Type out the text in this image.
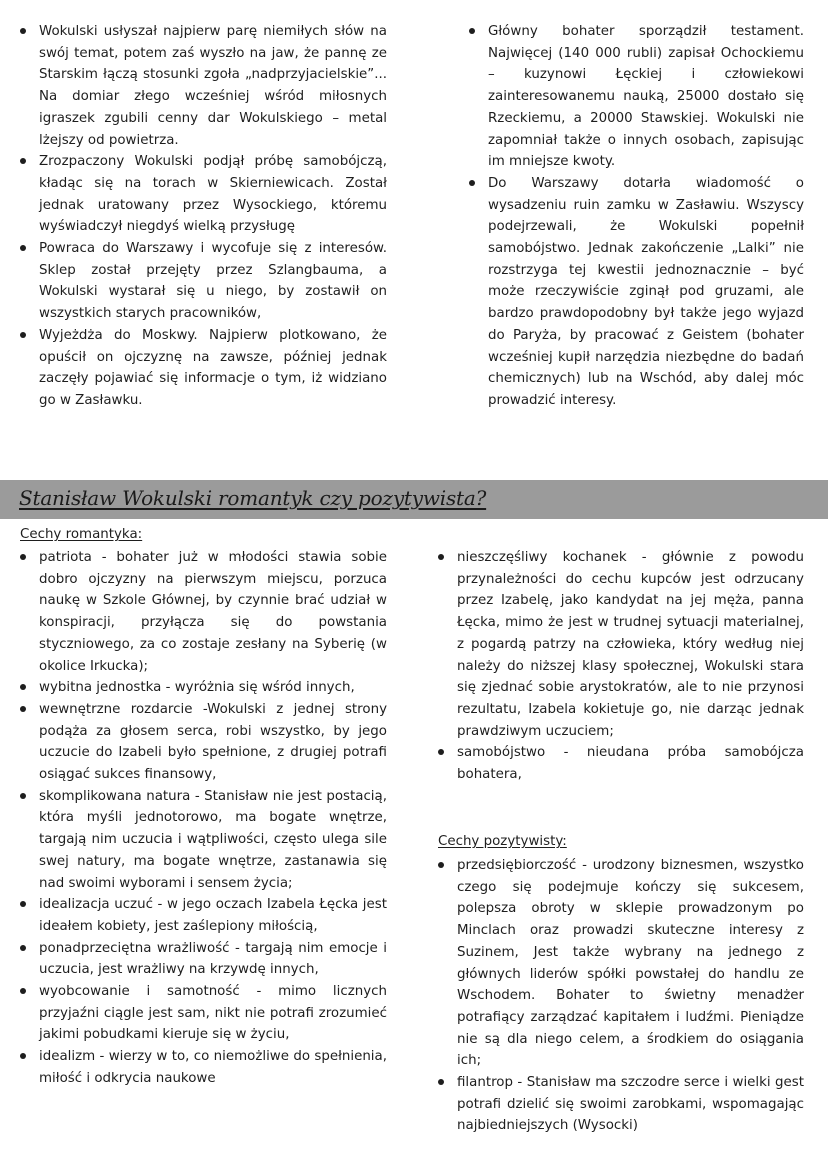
Wokulski usłyszał najpierw parę niemiłych słów na swój temat, potem zaś wyszło na jaw, że pannę ze Starskim łączą stosunki zgoła „nadprzyjacielskie”... Na domiar złego wcześniej wśród miłosnych igraszek zgubili cenny dar Wokulskiego – metal lżejszy od powietrza.
Zrozpaczony Wokulski podjął próbę samobójczą, kładąc się na torach w Skierniewicach. Został jednak uratowany przez Wysockiego, któremu wyświadczył niegdyś wielką przysługę
Powraca do Warszawy i wycofuje się z interesów. Sklep został przejęty przez Szlangbauma, a Wokulski wystarał się u niego, by zostawił on wszystkich starych pracowników,
Wyjeżdża do Moskwy. Najpierw plotkowano, że opuścił on ojczyznę na zawsze, później jednak zaczęły pojawiać się informacje o tym, iż widziano go w Zasławku.
Główny bohater sporządził testament. Najwięcej (140 000 rubli) zapisał Ochockiemu – kuzynowi Łęckiej i człowiekowi zainteresowanemu nauką, 25000 dostało się Rzeckiemu, a 20000 Stawskiej. Wokulski nie zapomniał także o innych osobach, zapisując im mniejsze kwoty.
Do Warszawy dotarła wiadomość o wysadzeniu ruin zamku w Zasławiu. Wszyscy podejrzewali, że Wokulski popełnił samobójstwo. Jednak zakończenie „Lalki” nie rozstrzyga tej kwestii jednoznacznie – być może rzeczywiście zginął pod gruzami, ale bardzo prawdopodobny był także jego wyjazd do Paryża, by pracować z Geistem (bohater wcześniej kupił narzędzia niezbędne do badań chemicznych) lub na Wschód, aby dalej móc prowadzić interesy.
Stanisław Wokulski romantyk czy pozytywista?
Cechy romantyka:
patriota - bohater już w młodości stawia sobie dobro ojczyzny na pierwszym miejscu, porzuca naukę w Szkole Głównej, by czynnie brać udział w konspiracji, przyłącza się do powstania styczniowego, za co zostaje zesłany na Syberię (w okolice Irkucka);
wybitna jednostka - wyróżnia się wśród innych,
wewnętrzne rozdarcie -Wokulski z jednej strony podąża za głosem serca, robi wszystko, by jego uczucie do Izabeli było spełnione, z drugiej potrafi osiągać sukces finansowy,
skomplikowana natura - Stanisław nie jest postacią, która myśli jednotorowo, ma bogate wnętrze, targają nim uczucia i wątpliwości, często ulega sile swej natury, ma bogate wnętrze, zastanawia się nad swoimi wyborami i sensem życia;
idealizacja uczuć - w jego oczach Izabela Łęcka jest ideałem kobiety, jest zaślepiony miłością,
ponadprzeciętna wrażliwość - targają nim emocje i uczucia, jest wrażliwy na krzywdę innych,
wyobcowanie i samotność - mimo licznych przyjaźni ciągle jest sam, nikt nie potrafi zrozumieć jakimi pobudkami kieruje się w życiu,
idealizm - wierzy w to, co niemożliwe do spełnienia, miłość i odkrycia naukowe
nieszczęśliwy kochanek - głównie z powodu przynależności do cechu kupców jest odrzucany przez Izabelę, jako kandydat na jej męża, panna Łęcka, mimo że jest w trudnej sytuacji materialnej, z pogardą patrzy na człowieka, który według niej należy do niższej klasy społecznej, Wokulski stara się zjednać sobie arystokratów, ale to nie przynosi rezultatu, Izabela kokietuje go, nie darząc jednak prawdziwym uczuciem;
samobójstwo - nieudana próba samobójcza bohatera,
Cechy pozytywisty:
przedsiębiorczość - urodzony biznesmen, wszystko czego się podejmuje kończy się sukcesem, polepsza obroty w sklepie prowadzonym po Minclach oraz prowadzi skuteczne interesy z Suzinem, Jest także wybrany na jednego z głównych liderów spółki powstałej do handlu ze Wschodem. Bohater to świetny menadżer potrafiący zarządzać kapitałem i ludźmi. Pieniądze nie są dla niego celem, a środkiem do osiągania ich;
filantrop - Stanisław ma szczodre serce i wielki gest potrafi dzielić się swoimi zarobkami, wspomagając najbiedniejszych (Wysocki)
